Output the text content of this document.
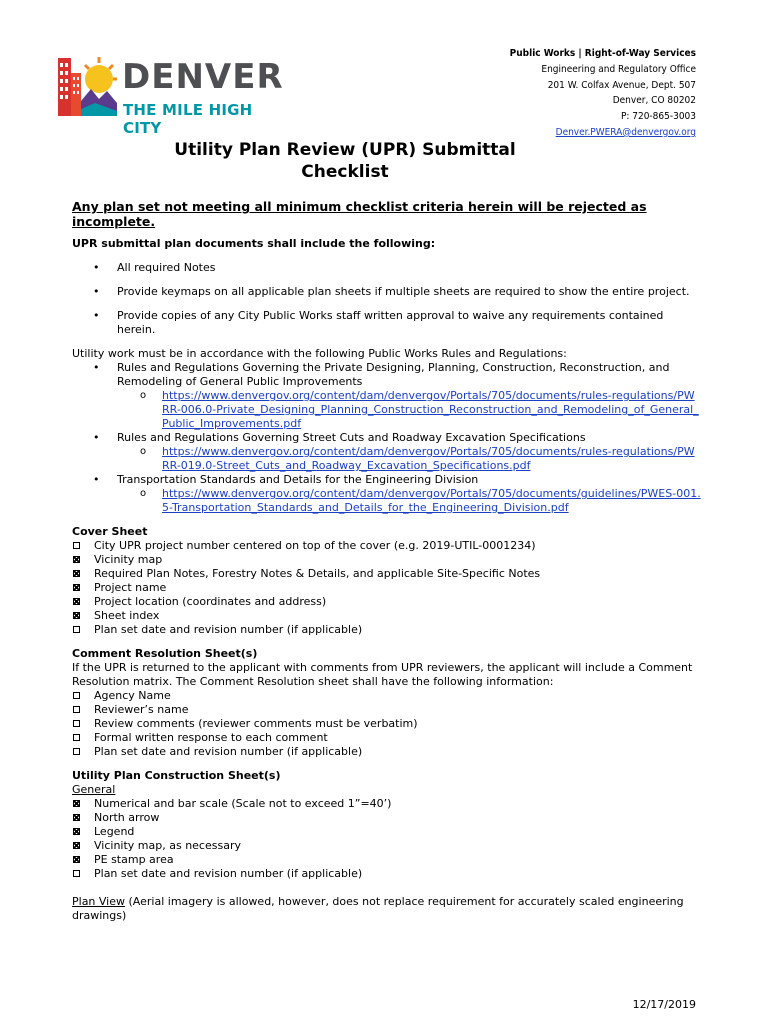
DENVER
THE MILE HIGH CITY
Public Works | Right-of-Way Services
Engineering and Regulatory Office
201 W. Colfax Avenue, Dept. 507
Denver, CO 80202
P: 720-865-3003
Denver.PWERA@denvergov.org
Utility Plan Review (UPR) Submittal
Checklist

Any plan set not meeting all minimum checklist criteria herein will be rejected as incomplete.

UPR submittal plan documents shall include the following:

• All required Notes
• Provide keymaps on all applicable plan sheets if multiple sheets are required to show the entire project.
• Provide copies of any City Public Works staff written approval to waive any requirements contained herein.

Utility work must be in accordance with the following Public Works Rules and Regulations:

• Rules and Regulations Governing the Private Designing, Planning, Construction, Reconstruction, and Remodeling of General Public Improvements
o https://www.denvergov.org/content/dam/denvergov/Portals/705/documents/rules-regulations/PWRR-006.0-Private_Designing_Planning_Construction_Reconstruction_and_Remodeling_of_General_Public_Improvements.pdf
• Rules and Regulations Governing Street Cuts and Roadway Excavation Specifications
o https://www.denvergov.org/content/dam/denvergov/Portals/705/documents/rules-regulations/PWRR-019.0-Street_Cuts_and_Roadway_Excavation_Specifications.pdf
• Transportation Standards and Details for the Engineering Division
o https://www.denvergov.org/content/dam/denvergov/Portals/705/documents/guidelines/PWES-001.5-Transportation_Standards_and_Details_for_the_Engineering_Division.pdf

Cover Sheet

City UPR project number centered on top of the cover (e.g. 2019-UTIL-0001234)
Vicinity map
Required Plan Notes, Forestry Notes & Details, and applicable Site-Specific Notes
Project name
Project location (coordinates and address)
Sheet index
Plan set date and revision number (if applicable)

Comment Resolution Sheet(s)

If the UPR is returned to the applicant with comments from UPR reviewers, the applicant will include a Comment Resolution matrix. The Comment Resolution sheet shall have the following information:

Agency Name
Reviewer’s name
Review comments (reviewer comments must be verbatim)
Formal written response to each comment
Plan set date and revision number (if applicable)

Utility Plan Construction Sheet(s)

General

Numerical and bar scale (Scale not to exceed 1”=40’)
North arrow
Legend
Vicinity map, as necessary
PE stamp area
Plan set date and revision number (if applicable)

Plan View (Aerial imagery is allowed, however, does not replace requirement for accurately scaled engineering drawings)

12/17/2019
